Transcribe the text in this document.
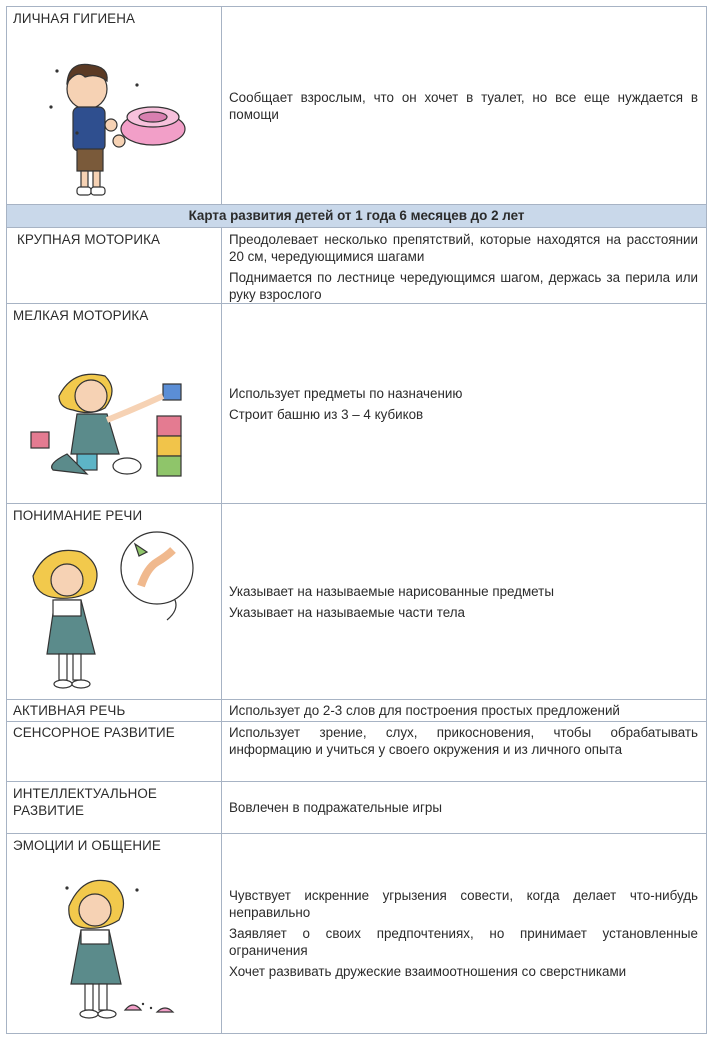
ЛИЧНАЯ ГИГИЕНА	Сообщает взрослым, что он хочет в туалет, но все еще нуждается в помощи

Карта развития детей от 1 года 6 месяцев до 2 лет	

КРУПНАЯ МОТОРИКА	Преодолевает несколько препятствий, которые находятся на расстоянии 20 см, чередующимися шагами

Поднимается по лестнице чередующимся шагом, держась за перила или руку взрослого

МЕЛКАЯ МОТОРИКА	Использует предметы по назначению

Строит башню из 3 – 4 кубиков

ПОНИМАНИЕ РЕЧИ	Указывает на называемые нарисованные предметы

Указывает на называемые части тела

АКТИВНАЯ РЕЧЬ	Использует до 2-3 слов для построения простых предложений

СЕНСОРНОЕ РАЗВИТИЕ	Использует зрение, слух, прикосновения, чтобы обрабатывать информацию и учиться у своего окружения и из личного опыта

ИНТЕЛЛЕКТУАЛЬНОЕ РАЗВИТИЕ	Вовлечен в подражательные игры

ЭМОЦИИ И ОБЩЕНИЕ	Чувствует искренние угрызения совести, когда делает что-нибудь неправильно

Заявляет о своих предпочтениях, но принимает установленные ограничения

Хочет развивать дружеские взаимоотношения со сверстниками
